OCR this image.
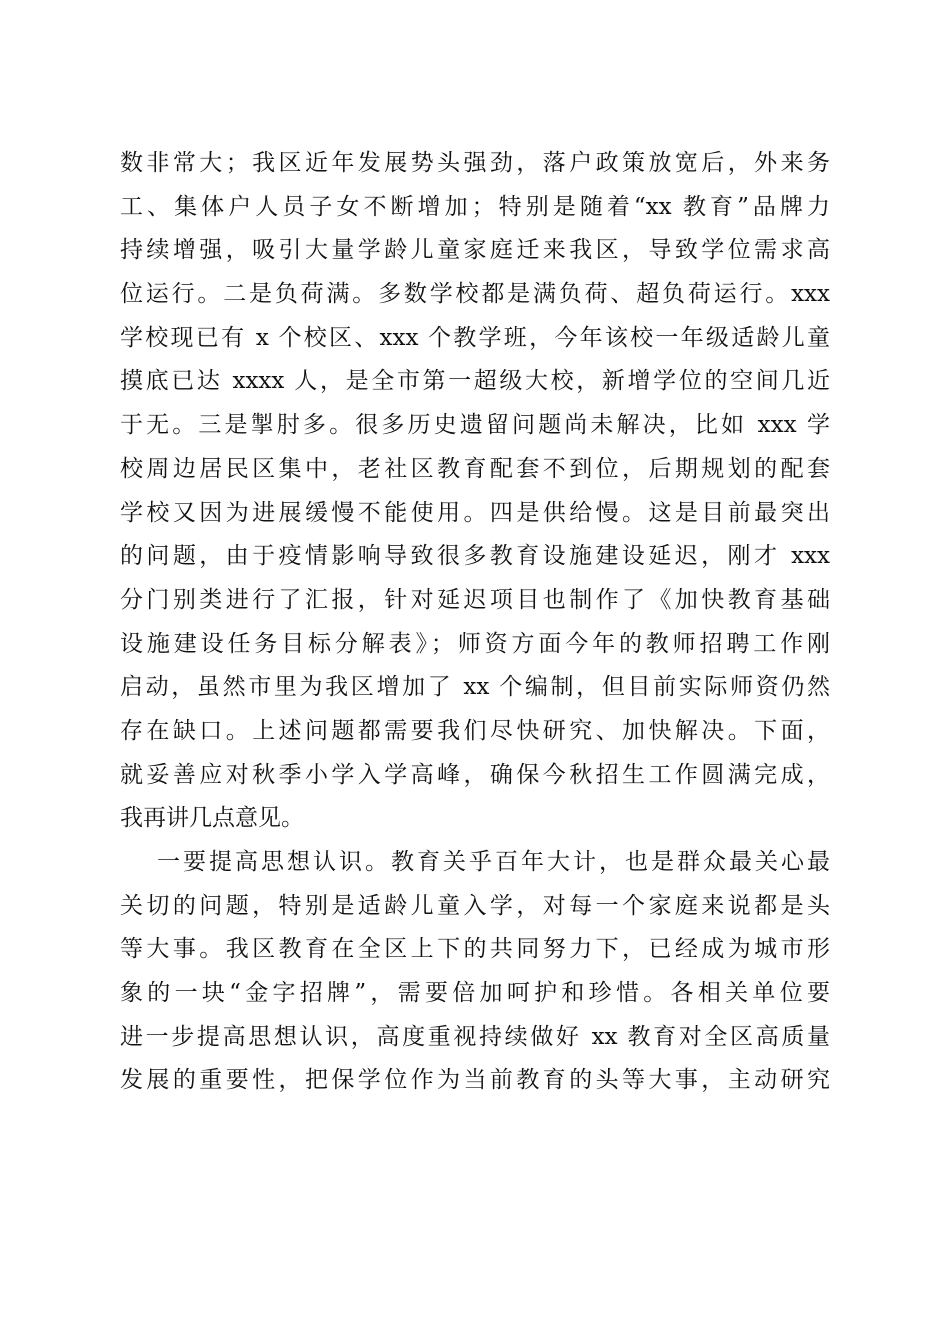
数非常大；我区近年发展势头强劲，落户政策放宽后，外来务
工、集体户人员子女不断增加；特别是随着“xx 教育”品牌力
持续增强，吸引大量学龄儿童家庭迁来我区，导致学位需求高
位运行。二是负荷满。多数学校都是满负荷、超负荷运行。xxx
学校现已有 x 个校区、xxx 个教学班，今年该校一年级适龄儿童
摸底已达 xxxx 人，是全市第一超级大校，新增学位的空间几近
于无。三是掣肘多。很多历史遗留问题尚未解决，比如 xxx 学
校周边居民区集中，老社区教育配套不到位，后期规划的配套
学校又因为进展缓慢不能使用。四是供给慢。这是目前最突出
的问题，由于疫情影响导致很多教育设施建设延迟，刚才 xxx
分门别类进行了汇报，针对延迟项目也制作了《加快教育基础
设施建设任务目标分解表》；师资方面今年的教师招聘工作刚
启动，虽然市里为我区增加了 xx 个编制，但目前实际师资仍然
存在缺口。上述问题都需要我们尽快研究、加快解决。下面，
就妥善应对秋季小学入学高峰，确保今秋招生工作圆满完成，
我再讲几点意见。
一要提高思想认识。教育关乎百年大计，也是群众最关心最
关切的问题，特别是适龄儿童入学，对每一个家庭来说都是头
等大事。我区教育在全区上下的共同努力下，已经成为城市形
象的一块“金字招牌”，需要倍加呵护和珍惜。各相关单位要
进一步提高思想认识，高度重视持续做好 xx 教育对全区高质量
发展的重要性，把保学位作为当前教育的头等大事，主动研究
